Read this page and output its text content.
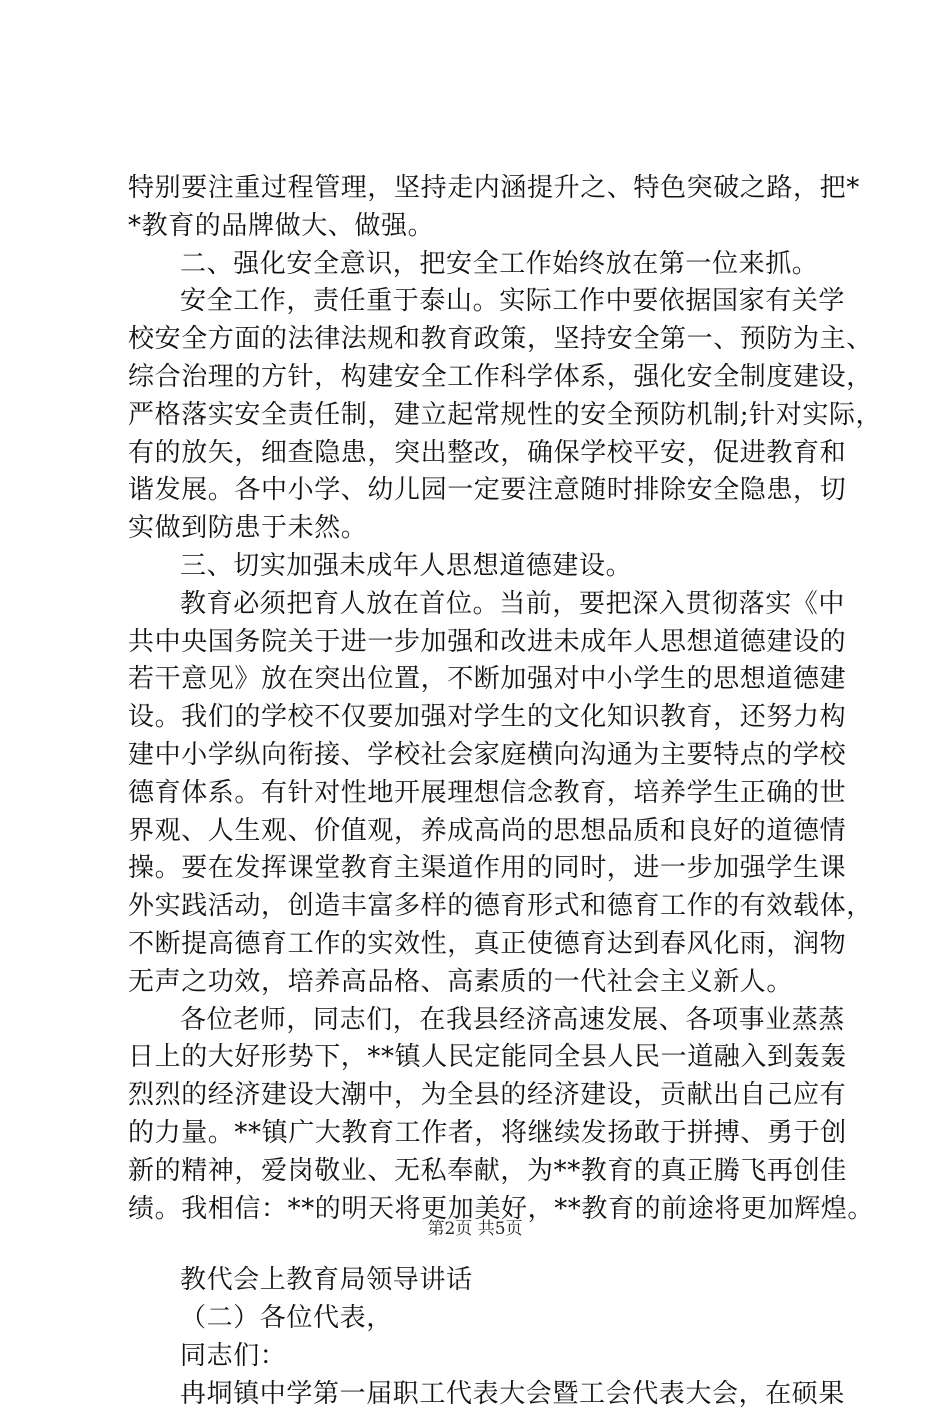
特别要注重过程管理，坚持走内涵提升之、特色突破之路，把*
*教育的品牌做大、做强。
二、强化安全意识，把安全工作始终放在第一位来抓。
安全工作，责任重于泰山。实际工作中要依据国家有关学
校安全方面的法律法规和教育政策，坚持安全第一、预防为主、
综合治理的方针，构建安全工作科学体系，强化安全制度建设，
严格落实安全责任制，建立起常规性的安全预防机制;针对实际，
有的放矢，细查隐患，突出整改，确保学校平安，促进教育和
谐发展。各中小学、幼儿园一定要注意随时排除安全隐患，切
实做到防患于未然。
三、切实加强未成年人思想道德建设。
教育必须把育人放在首位。当前，要把深入贯彻落实《中
共中央国务院关于进一步加强和改进未成年人思想道德建设的
若干意见》放在突出位置，不断加强对中小学生的思想道德建
设。我们的学校不仅要加强对学生的文化知识教育，还努力构
建中小学纵向衔接、学校社会家庭横向沟通为主要特点的学校
德育体系。有针对性地开展理想信念教育，培养学生正确的世
界观、人生观、价值观，养成高尚的思想品质和良好的道德情
操。要在发挥课堂教育主渠道作用的同时，进一步加强学生课
外实践活动，创造丰富多样的德育形式和德育工作的有效载体，
不断提高德育工作的实效性，真正使德育达到春风化雨，润物
无声之功效，培养高品格、高素质的一代社会主义新人。
各位老师，同志们，在我县经济高速发展、各项事业蒸蒸
日上的大好形势下，**镇人民定能同全县人民一道融入到轰轰
烈烈的经济建设大潮中，为全县的经济建设，贡献出自己应有
的力量。**镇广大教育工作者，将继续发扬敢于拼搏、勇于创
新的精神，爱岗敬业、无私奉献，为**教育的真正腾飞再创佳
绩。我相信：**的明天将更加美好，**教育的前途将更加辉煌。
教代会上教育局领导讲话
（二）各位代表，
同志们：
冉垌镇中学第一届职工代表大会暨工会代表大会，在硕果
第2页 共5页
